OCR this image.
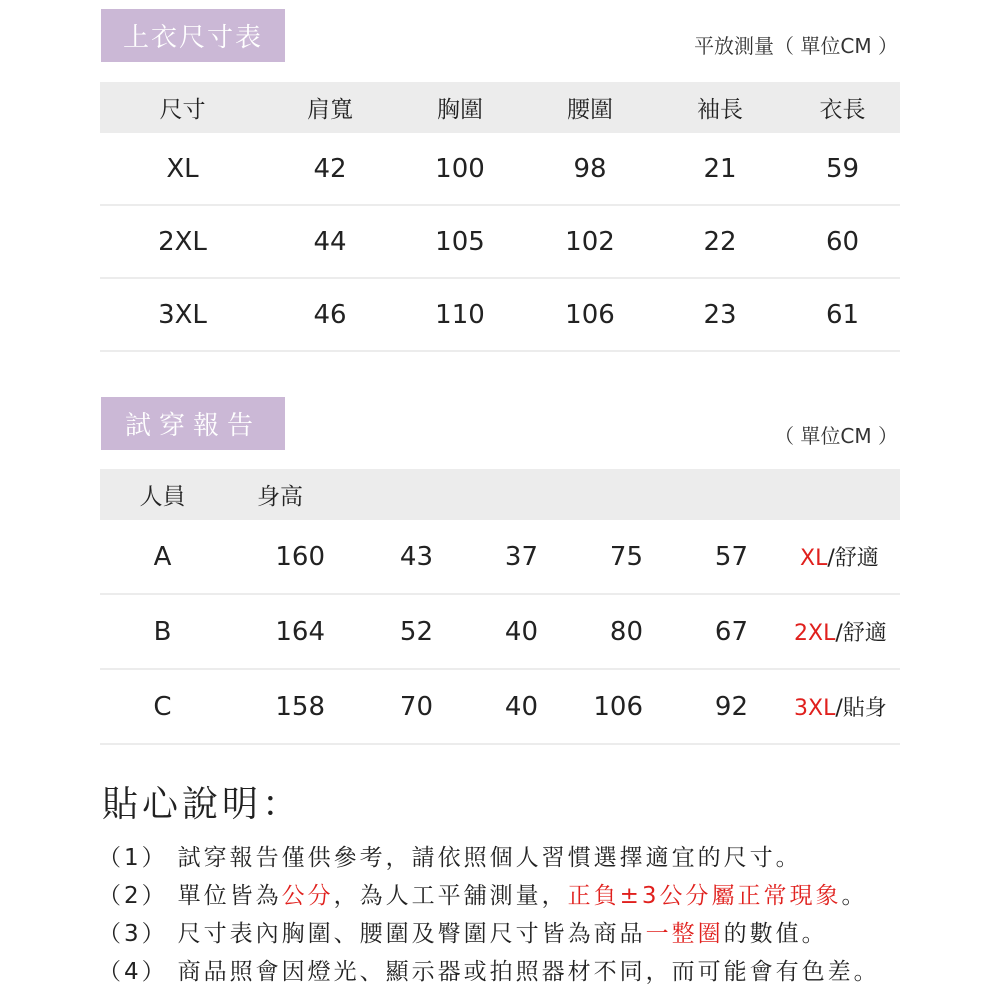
上衣尺寸表	平放測量（ 單位CM ）
尺寸	肩寬	胸圍	腰圍	袖長	衣長
XL	42	100	98	21	59
2XL	44	105	102	22	60
3XL	46	110	106	23	61
試穿報告	（ 單位CM ）
人員	身高					
A	160	43	37	75	57	XL/舒適
B	164	52	40	80	67	2XL/舒適
C	158	70	40	106	92	3XL/貼身
貼心說明：
（1） 試穿報告僅供參考，請依照個人習慣選擇適宜的尺寸。
（2） 單位皆為公分，為人工平舖測量，正負±3公分屬正常現象。
（3） 尺寸表內胸圍、腰圍及臀圍尺寸皆為商品一整圈的數值。
（4） 商品照會因燈光、顯示器或拍照器材不同，而可能會有色差。
